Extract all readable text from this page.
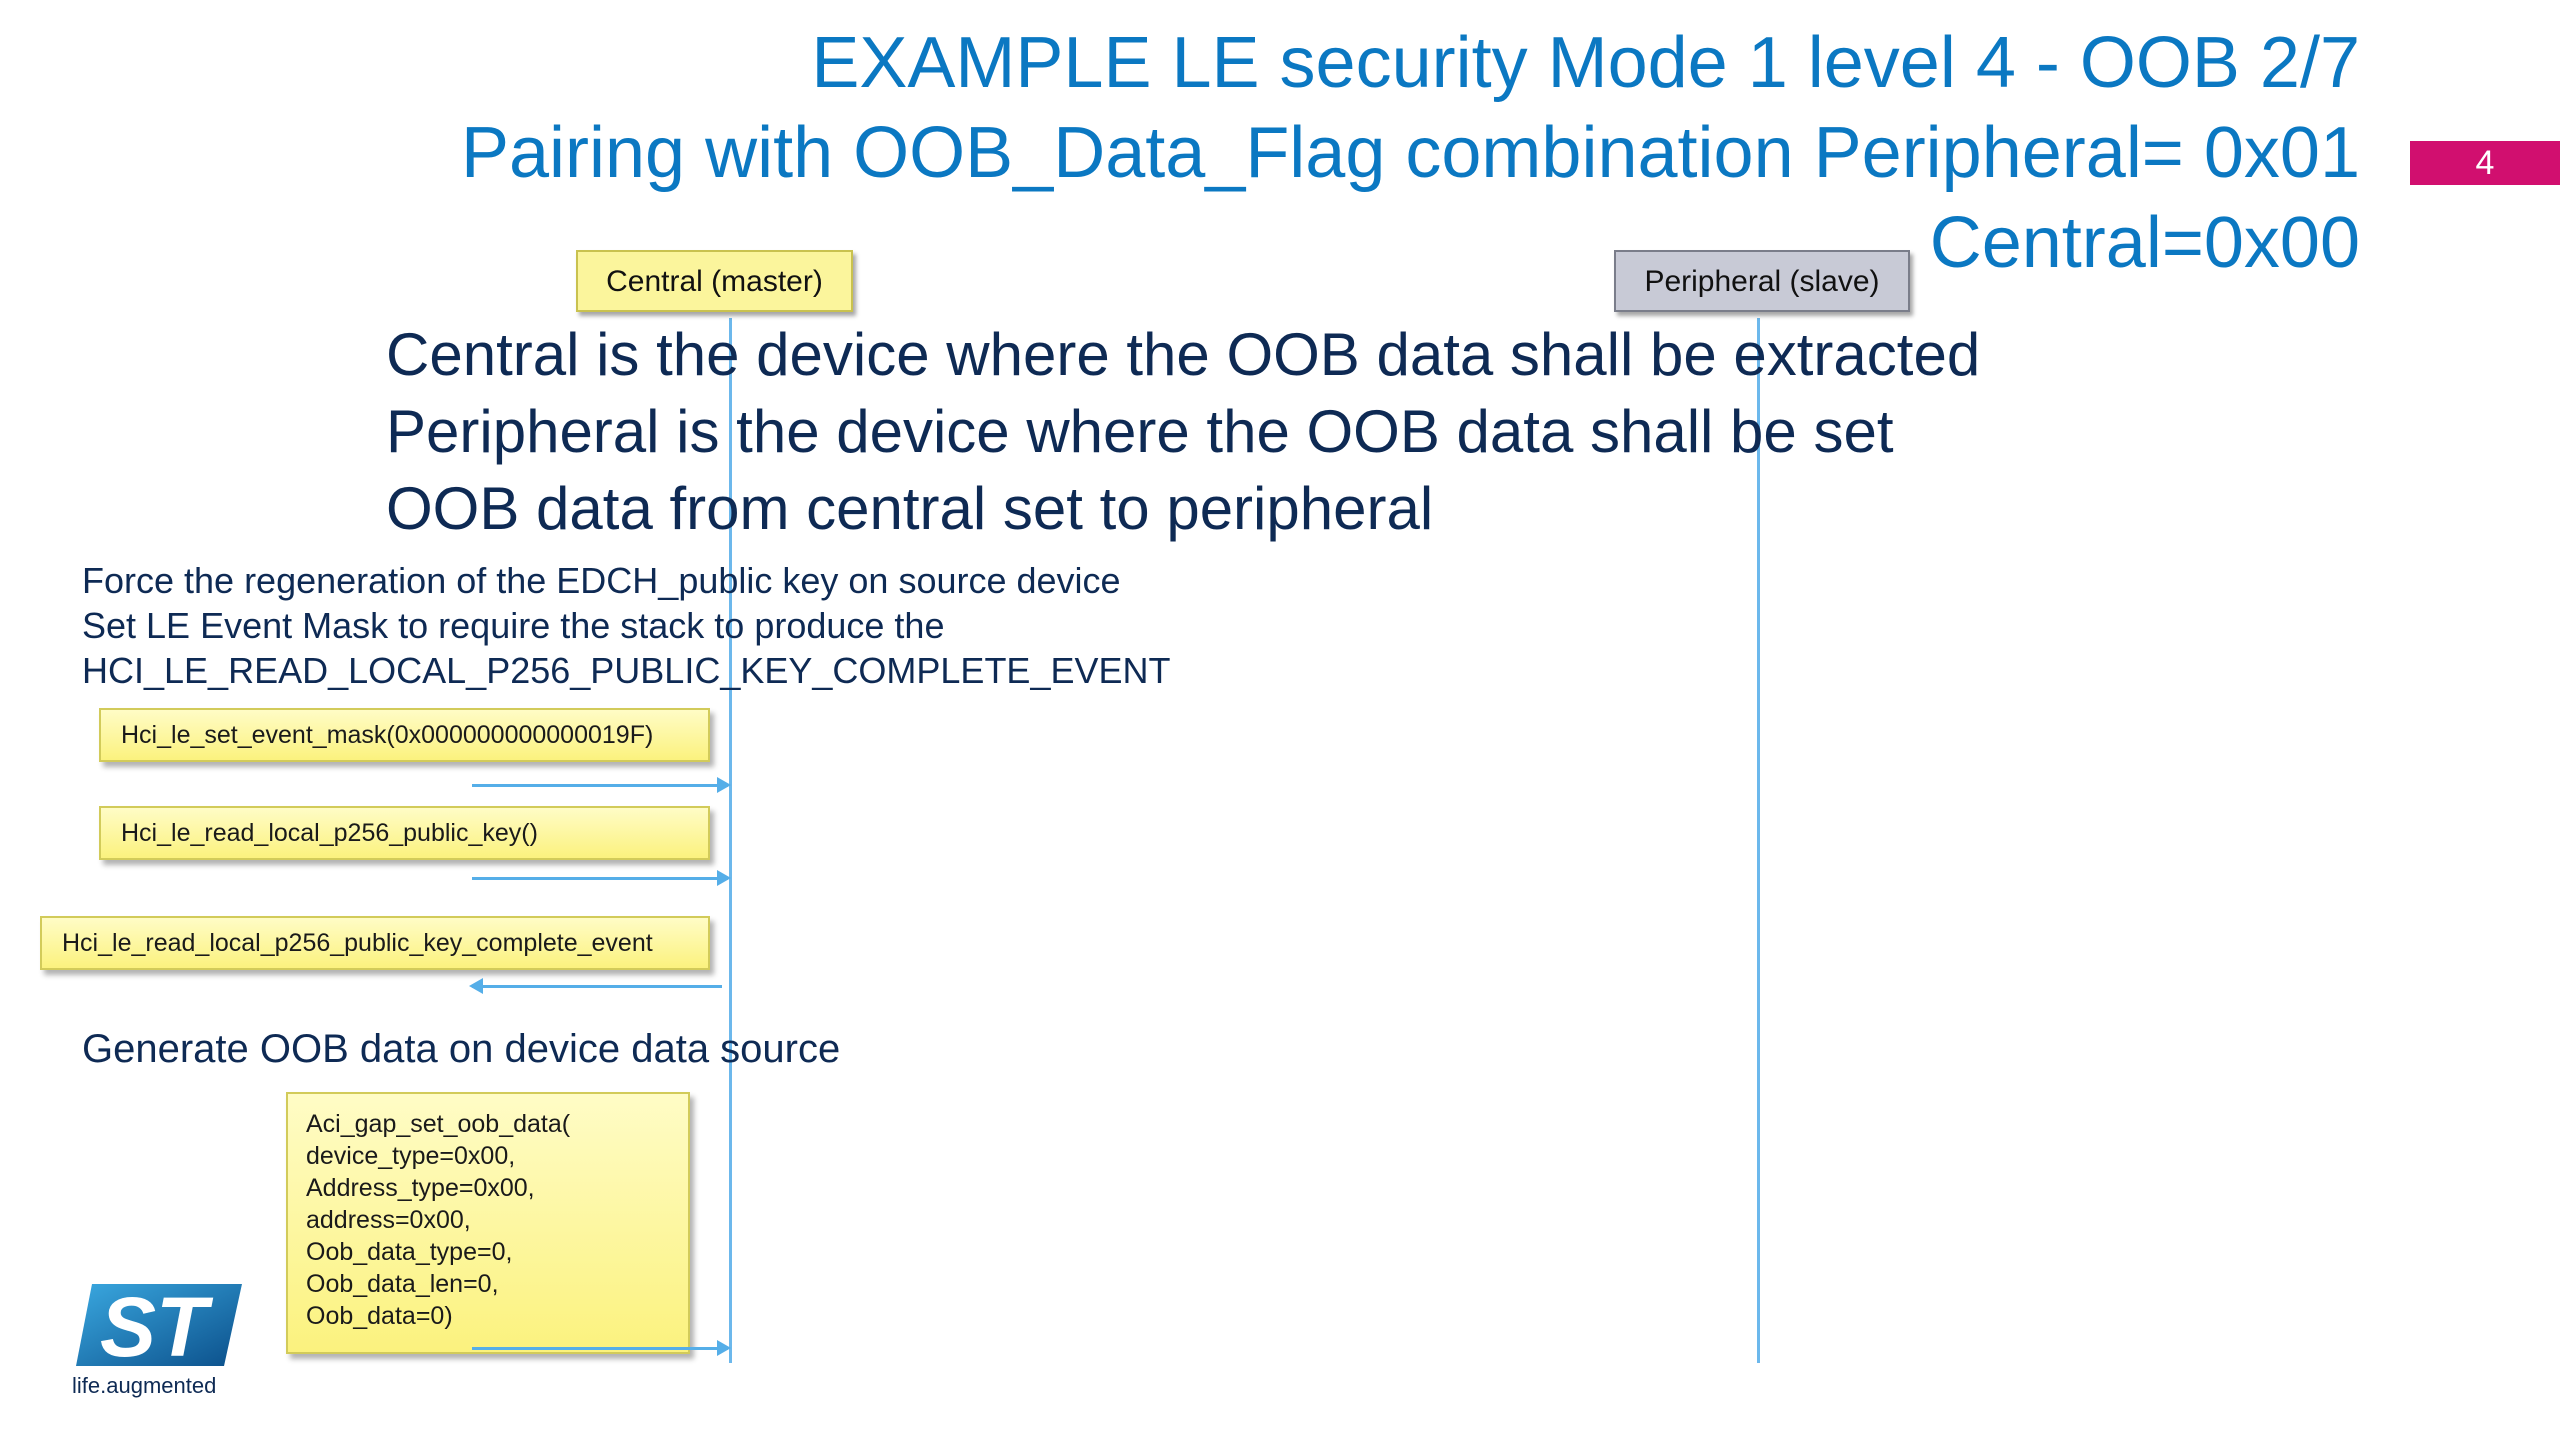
EXAMPLE LE security Mode 1 level 4 - OOB 2/7
Pairing with OOB_Data_Flag combination Peripheral= 0x01
Central=0x00
4
Central (master)	Peripheral (slave)
Central is the device where the OOB data shall be extracted
Peripheral is the device where the OOB data shall be set
OOB data from central set to peripheral
Force the regeneration of the EDCH_public key on source device
Set LE Event Mask to require the stack to produce the
HCI_LE_READ_LOCAL_P256_PUBLIC_KEY_COMPLETE_EVENT
Hci_le_set_event_mask(0x000000000000019F)
Hci_le_read_local_p256_public_key()
Hci_le_read_local_p256_public_key_complete_event
Generate OOB data on device data source
Aci_gap_set_oob_data(
device_type=0x00,
Address_type=0x00,
address=0x00,
Oob_data_type=0,
Oob_data_len=0,
Oob_data=0)
ST
life.augmented
